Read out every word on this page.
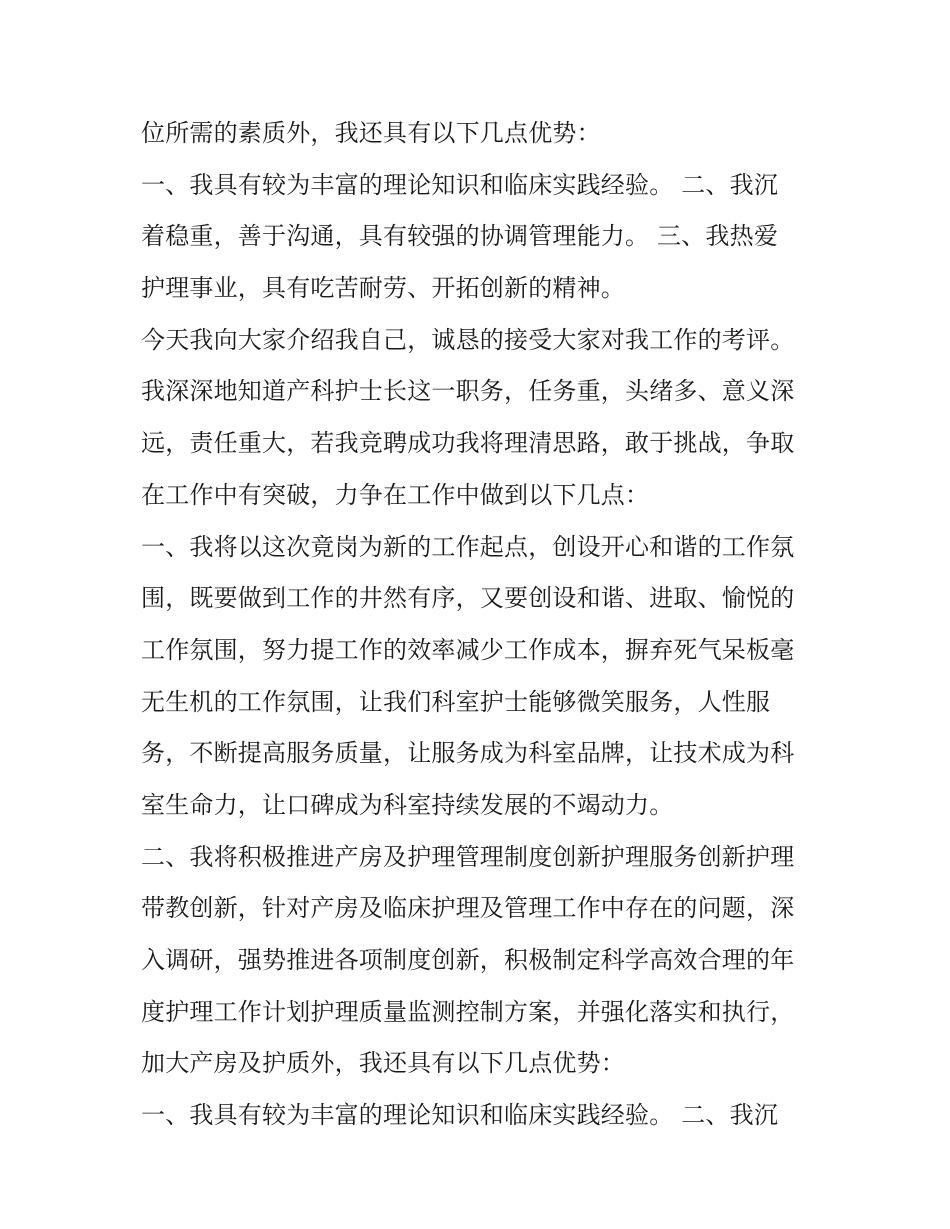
位所需的素质外，我还具有以下几点优势：
一、我具有较为丰富的理论知识和临床实践经验。 二、我沉
着稳重，善于沟通，具有较强的协调管理能力。 三、我热爱
护理事业，具有吃苦耐劳、开拓创新的精神。
今天我向大家介绍我自己，诚恳的接受大家对我工作的考评。
我深深地知道产科护士长这一职务，任务重，头绪多、意义深
远，责任重大，若我竞聘成功我将理清思路，敢于挑战，争取
在工作中有突破，力争在工作中做到以下几点：
一、我将以这次竟岗为新的工作起点，创设开心和谐的工作氛
围，既要做到工作的井然有序，又要创设和谐、进取、愉悦的
工作氛围，努力提工作的效率减少工作成本，摒弃死气呆板毫
无生机的工作氛围，让我们科室护士能够微笑服务，人性服
务，不断提高服务质量，让服务成为科室品牌，让技术成为科
室生命力，让口碑成为科室持续发展的不竭动力。
二、我将积极推进产房及护理管理制度创新护理服务创新护理
带教创新，针对产房及临床护理及管理工作中存在的问题，深
入调研，强势推进各项制度创新，积极制定科学高效合理的年
度护理工作计划护理质量监测控制方案，并强化落实和执行，
加大产房及护质外，我还具有以下几点优势：
一、我具有较为丰富的理论知识和临床实践经验。 二、我沉
